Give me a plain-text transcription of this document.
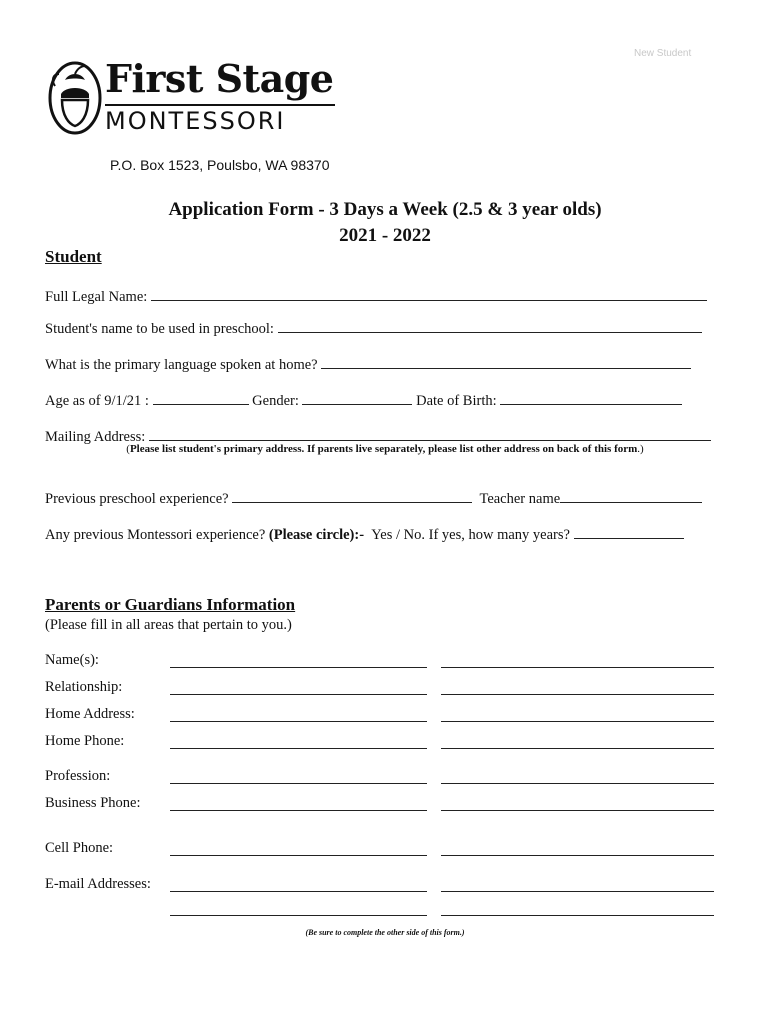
New Student
First Stage
MONTESSORI
P.O. Box 1523, Poulsbo, WA 98370
Application Form - 3 Days a Week (2.5 & 3 year olds)
2021 - 2022
Student
Full Legal Name:
Student's name to be used in preschool:
What is the primary language spoken at home?
Age as of 9/1/21 :	Gender:	Date of Birth:
Mailing Address:
(Please list student's primary address. If parents live separately, please list other address on back of this form.)
Previous preschool experience?	Teacher name
Any previous Montessori experience? (Please circle):- Yes / No. If yes, how many years?
Parents or Guardians Information
(Please fill in all areas that pertain to you.)
Name(s):
Relationship:
Home Address:
Home Phone:
Profession:
Business Phone:
Cell Phone:
E-mail Addresses:
(Be sure to complete the other side of this form.)
